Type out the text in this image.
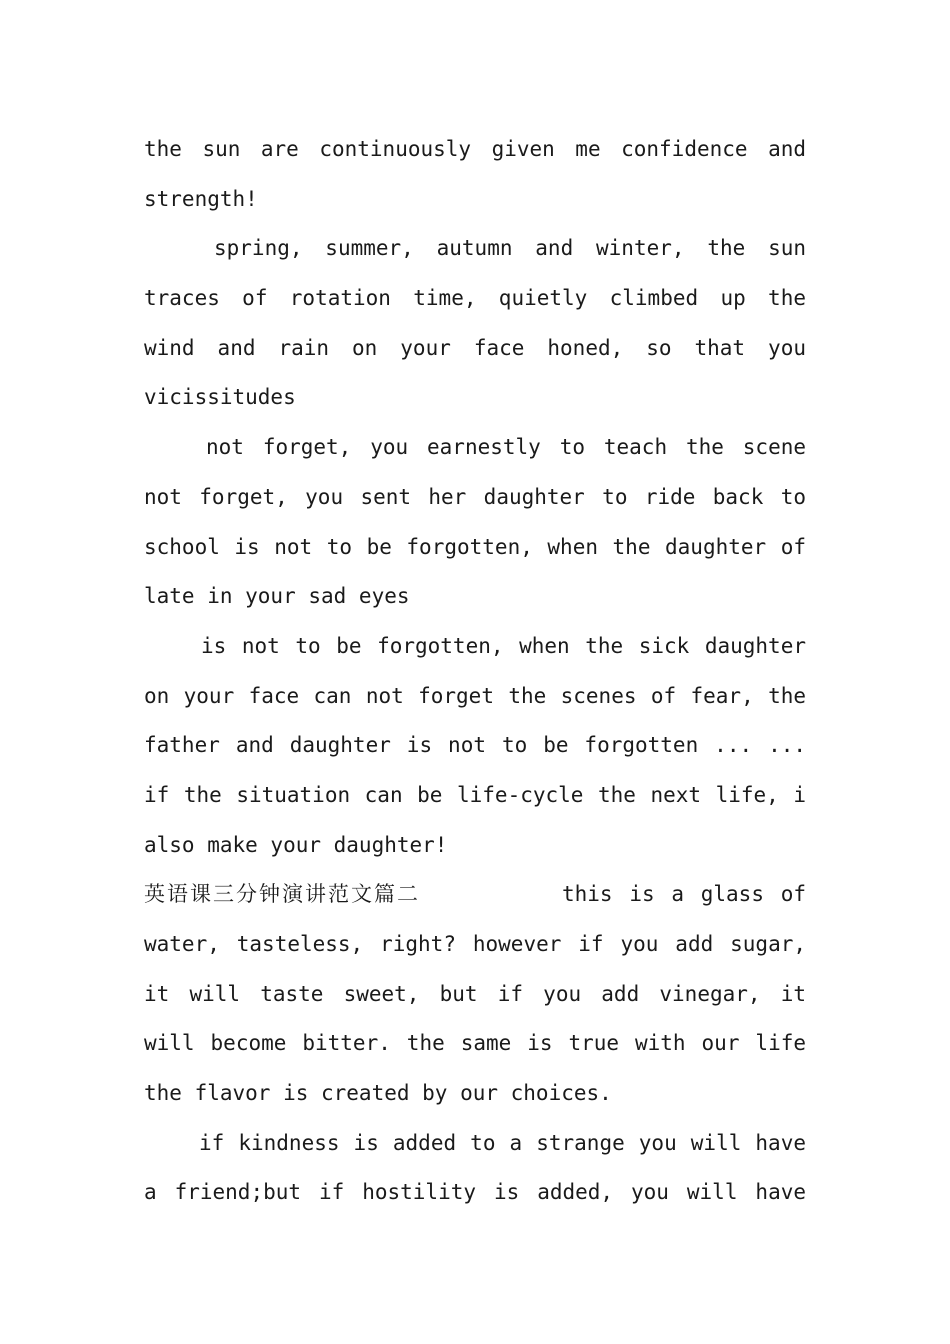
the sun are continuously given me confidence and
strength!
spring, summer, autumn and winter, the sun
traces of rotation time, quietly climbed up the
wind and rain on your face honed, so that you
vicissitudes
not forget, you earnestly to teach the scene
not forget, you sent her daughter to ride back to
school is not to be forgotten, when the daughter of
late in your sad eyes
is not to be forgotten, when the sick daughter
on your face can not forget the scenes of fear, the
father and daughter is not to be forgotten ... ...
if the situation can be life-cycle the next life, i
also make your daughter!
英语课三分钟演讲范文篇二	this is a glass of
water, tasteless, right? however if you add sugar,
it will taste sweet, but if you add vinegar, it
will become bitter. the same is true with our life
the flavor is created by our choices.
if kindness is added to a strange you will have
a friend;but if hostility is added, you will have
